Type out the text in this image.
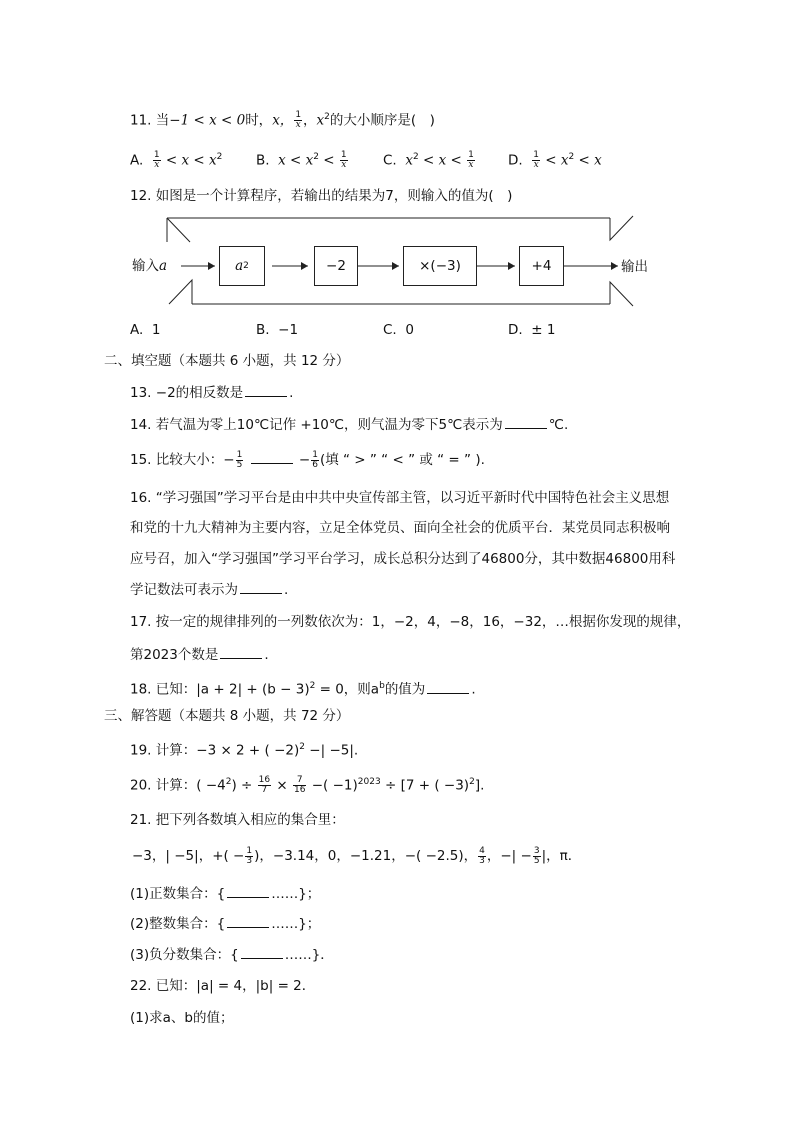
11. 当−1 < x < 0时，x， $\frac{1}{x}$ ，$x^2$的大小顺序是(　)
A. $\frac{1}{x} < x < x^2$ B. $x < x^2 < \frac{1}{x}$	C. $x^2 < x < \frac{1}{x} D$. $\frac{1}{x} < x^2 < x$
12. 如图是一个计算程序，若输出的结果为7，则输入的值为(　)
输入a	a 2	−2	×(−3)	+4	输出
A. 1	B. −1	C. 0	D. ± 1
二、填空题（本题共 6 小题，共 12 分）
13. −2的相反数是	.
14. 若气温为零上10℃记作 +10℃，则气温为零下5℃表示为	℃.
15. 比较大小：− $\frac{1}{5}$	− $\frac{1}{6}$ (填 “ > ” “ < ” 或 “ = ” ).
16. “学习强国”学习平台是由中共中央宣传部主管，以习近平新时代中国特色社会主义思想
和党的十九大精神为主要内容，立足全体党员、面向全社会的优质平台．某党员同志积极响
应号召，加入“学习强国”学习平台学习，成长总积分达到了46800分，其中数据46800用科
学记数法可表示为	.
17. 按一定的规律排列的一列数依次为：1，−2，4，−8，16，−32，…根据你发现的规律，
第2023个数是	.
18. 已知：$|a + 2| + (b - 3)^2 = 0$，则$a^b$的值为	.
三、解答题（本题共 8 小题，共 72 分）
19. 计算：−3 × 2 + ( −2)$^2$ −| −5|.
20. 计算：( $-4^2) \div \frac{16}{7} \times \frac{7}{16}$ −( −1)$^{2023}$ ÷ [7 + ( −3)$^2$].
21. 把下列各数填入相应的集合里：
−3，| −5|，+( − $\frac{1}{3}$ )，−3.14，0，−1.21，−( −2.5)， $\frac{4}{3}$ ，−| − $\frac{3}{5}$ |，π．
(1)正数集合：{	……}；
(2)整数集合：{	……}；
(3)负分数集合：{	……}．
22. 已知：|a| = 4，|b| = 2．
(1)求a、b的值；
